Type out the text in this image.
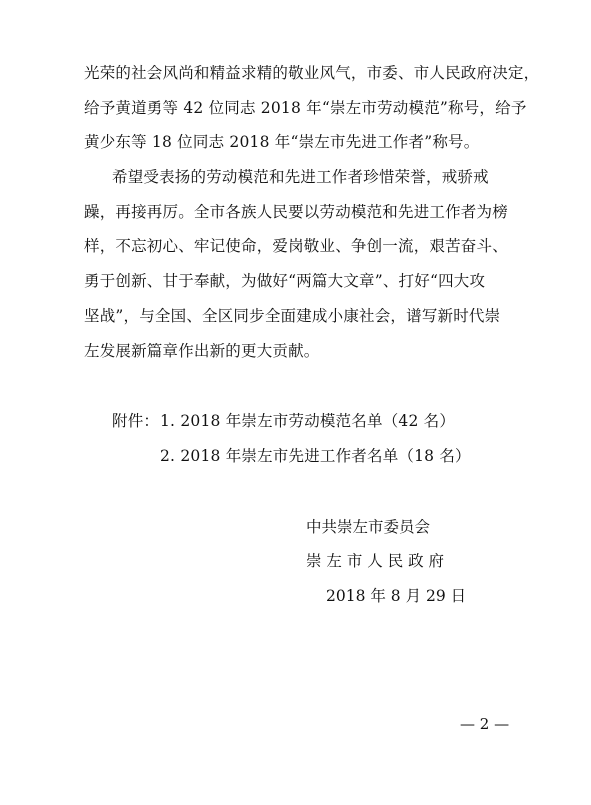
光荣的社会风尚和精益求精的敬业风气，市委、市人民政府决定，
给予黄道勇等 42 位同志 2018 年“崇左市劳动模范”称号，给予
黄少东等 18 位同志 2018 年“崇左市先进工作者”称号。
希望受表扬的劳动模范和先进工作者珍惜荣誉，戒骄戒
躁，再接再厉。全市各族人民要以劳动模范和先进工作者为榜
样，不忘初心、牢记使命，爱岗敬业、争创一流，艰苦奋斗、
勇于创新、甘于奉献，为做好“两篇大文章”、打好“四大攻
坚战”，与全国、全区同步全面建成小康社会，谱写新时代崇
左发展新篇章作出新的更大贡献。
附件： 1. 2018 年崇左市劳动模范名单（42 名）
2. 2018 年崇左市先进工作者名单（18 名）
中共崇左市委员会
崇 左 市 人 民 政 府
2018 年 8 月 29 日
— 2 —
